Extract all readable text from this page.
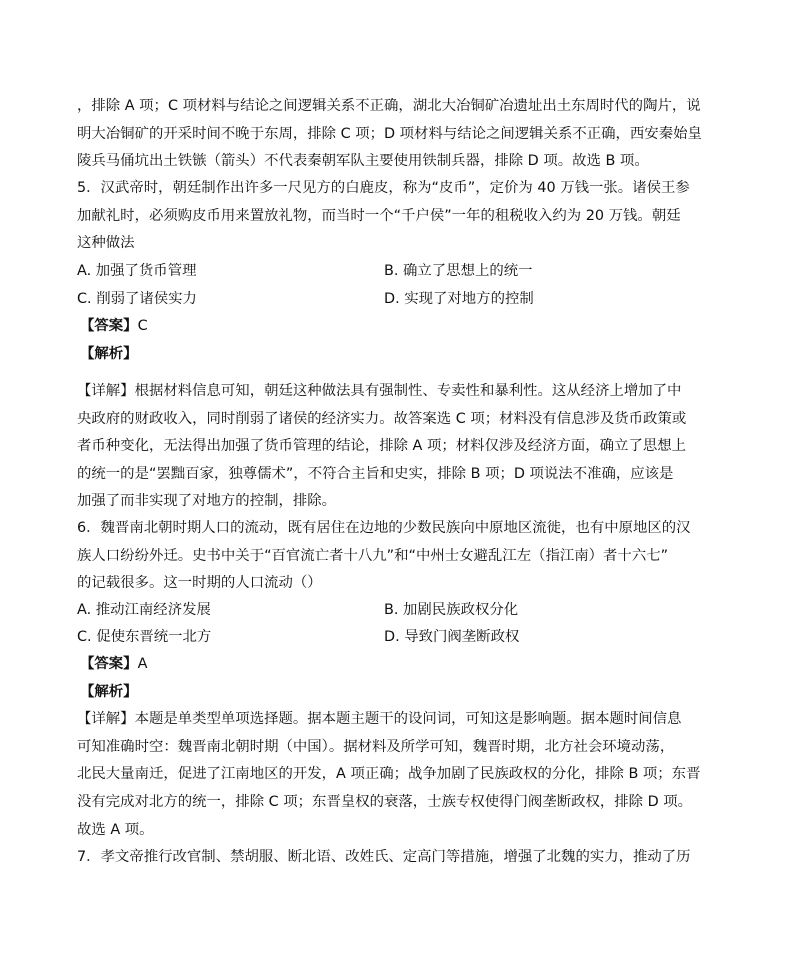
，排除 A 项；C 项材料与结论之间逻辑关系不正确，湖北大冶铜矿冶遗址出土东周时代的陶片，说
明大冶铜矿的开采时间不晚于东周，排除 C 项；D 项材料与结论之间逻辑关系不正确，西安秦始皇
陵兵马俑坑出土铁镞（箭头）不代表秦朝军队主要使用铁制兵器，排除 D 项。故选 B 项。
5．汉武帝时，朝廷制作出许多一尺见方的白鹿皮，称为“皮币”，定价为 40 万钱一张。诸侯王参
加献礼时，必须购皮币用来置放礼物，而当时一个“千户侯”一年的租税收入约为 20 万钱。朝廷
这种做法
A. 加强了货币管理	B. 确立了思想上的统一
C. 削弱了诸侯实力	D. 实现了对地方的控制
【答案】C
【解析】
【详解】根据材料信息可知，朝廷这种做法具有强制性、专卖性和暴利性。这从经济上增加了中
央政府的财政收入，同时削弱了诸侯的经济实力。故答案选 C 项；材料没有信息涉及货币政策或
者币种变化，无法得出加强了货币管理的结论，排除 A 项；材料仅涉及经济方面，确立了思想上
的统一的是“罢黜百家，独尊儒术”，不符合主旨和史实，排除 B 项；D 项说法不准确，应该是
加强了而非实现了对地方的控制，排除。
6．魏晋南北朝时期人口的流动，既有居住在边地的少数民族向中原地区流徙，也有中原地区的汉
族人口纷纷外迁。史书中关于“百官流亡者十八九”和“中州士女避乱江左（指江南）者十六七”
的记载很多。这一时期的人口流动（）
A. 推动江南经济发展	B. 加剧民族政权分化
C. 促使东晋统一北方	D. 导致门阀垄断政权
【答案】A
【解析】
【详解】本题是单类型单项选择题。据本题主题干的设问词，可知这是影响题。据本题时间信息
可知准确时空：魏晋南北朝时期（中国）。据材料及所学可知，魏晋时期，北方社会环境动荡，
北民大量南迁，促进了江南地区的开发，A 项正确；战争加剧了民族政权的分化，排除 B 项；东晋
没有完成对北方的统一，排除 C 项；东晋皇权的衰落，士族专权使得门阀垄断政权，排除 D 项。
故选 A 项。
7．孝文帝推行改官制、禁胡服、断北语、改姓氏、定高门等措施，增强了北魏的实力，推动了历
